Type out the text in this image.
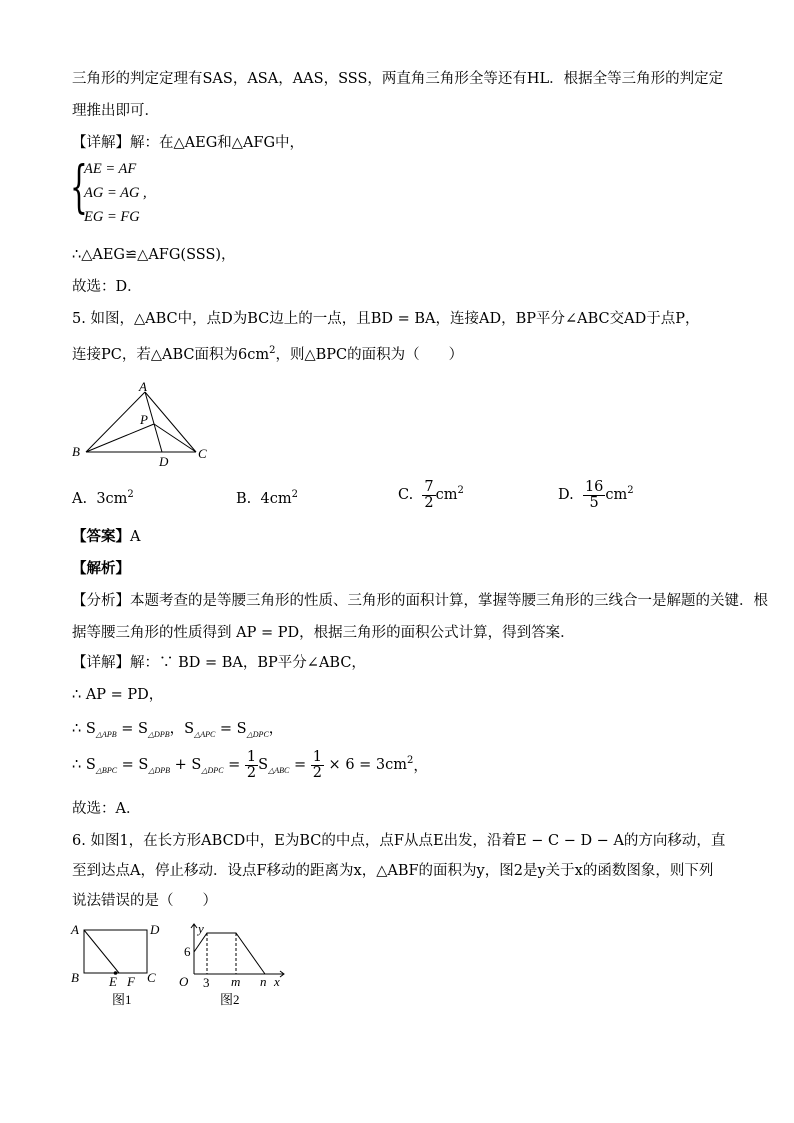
三角形的判定定理有SAS，ASA，AAS，SSS，两直角三角形全等还有HL．根据全等三角形的判定定
理推出即可．
【详解】解：在△AEG和△AFG中，
{
AE = AF
AG = AG ,
EG = FG
∴△AEG≌△AFG(SSS)，
故选：D．
5. 如图，△ABC中，点D为BC边上的一点，且BD = BA，连接AD，BP平分∠ABC交AD于点P，
连接PC，若△ABC面积为$6cm^2$，则△BPC的面积为（　　）
A
B	C
D
P
A. $3cm^2$	B. $4cm^2$	C. $\frac{7}{2} cm^2$	D. $\frac{16}{5} cm^2$
【答案】A
【解析】
【分析】本题考查的是等腰三角形的性质、三角形的面积计算，掌握等腰三角形的三线合一是解题的关键．根
据等腰三角形的性质得到 AP = PD，根据三角形的面积公式计算，得到答案．
【详解】解：∵ BD = BA，BP平分∠ABC，
∴ AP = PD，
∴ $S_{\triangle APB} = S_{\triangle DPB}$，$S_{\triangle APC} = S_{\triangle DPC}$，
∴ $S_{\triangle BPC} = S_{\triangle DPB} + S_{\triangle DPC} = \frac{1}{2} S_{\triangle ABC} = \frac{1}{2} \times 6 = 3cm^2$，
故选：A．
6. 如图1，在长方形ABCD中，E为BC的中点，点F从点E出发，沿着E − C − D − A的方向移动，直
至到达点A，停止移动．设点F移动的距离为x，△ABF的面积为y，图2是y关于x的函数图象，则下列
说法错误的是（　　）
A	D
B	C
E F
图1
y
6
O 3 m n x
图2
